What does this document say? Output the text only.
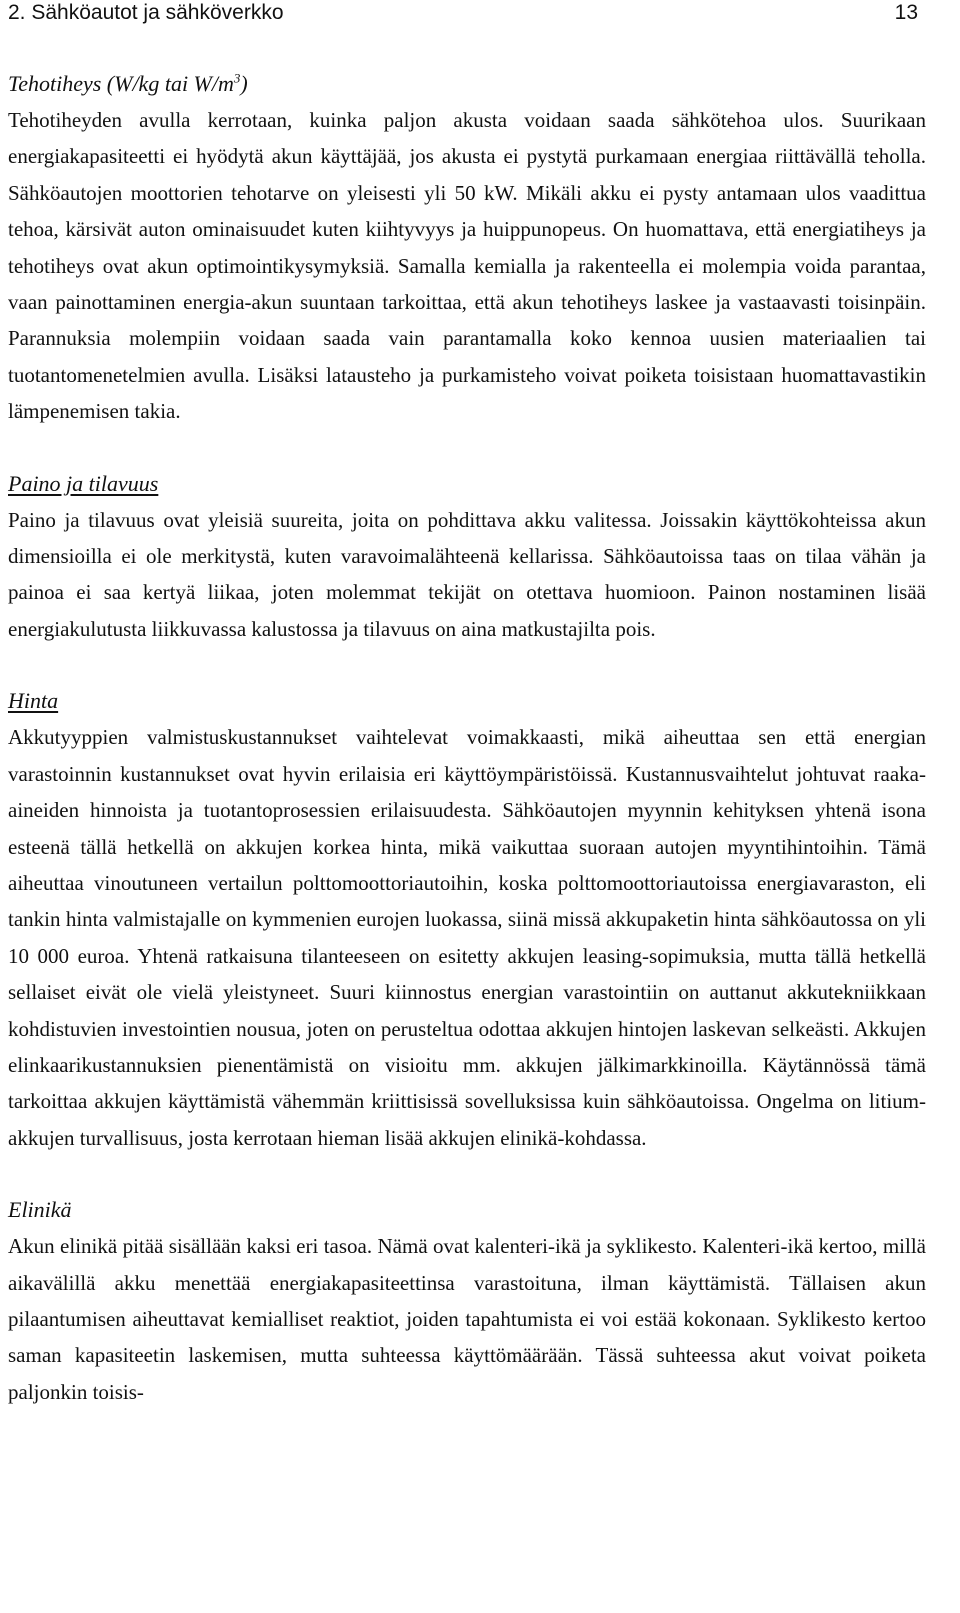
2. Sähköautot ja sähköverkko	13
Tehotiheys (W/kg tai $W/m^3$)

Tehotiheyden avulla kerrotaan, kuinka paljon akusta voidaan saada sähkötehoa ulos. Suurikaan energiakapasiteetti ei hyödytä akun käyttäjää, jos akusta ei pystytä purkamaan energiaa riittävällä teholla. Sähköautojen moottorien tehotarve on yleisesti yli 50 kW. Mikäli akku ei pysty antamaan ulos vaadittua tehoa, kärsivät auton ominaisuudet kuten kiihtyvyys ja huippunopeus. On huomattava, että energiatiheys ja tehotiheys ovat akun optimointikysymyksiä. Samalla kemialla ja rakenteella ei molempia voida parantaa, vaan painottaminen energia-akun suuntaan tarkoittaa, että akun tehotiheys laskee ja vastaavasti toisinpäin. Parannuksia molempiin voidaan saada vain parantamalla koko kennoa uusien materiaalien tai tuotantomenetelmien avulla. Lisäksi latausteho ja purkamisteho voivat poiketa toisistaan huomattavastikin lämpenemisen takia.

Paino ja tilavuus

Paino ja tilavuus ovat yleisiä suureita, joita on pohdittava akku valitessa. Joissakin käyttökohteissa akun dimensioilla ei ole merkitystä, kuten varavoimalähteenä kellarissa. Sähköautoissa taas on tilaa vähän ja painoa ei saa kertyä liikaa, joten molemmat tekijät on otettava huomioon. Painon nostaminen lisää energiakulutusta liikkuvassa kalustossa ja tilavuus on aina matkustajilta pois.

Hinta

Akkutyyppien valmistuskustannukset vaihtelevat voimakkaasti, mikä aiheuttaa sen että energian varastoinnin kustannukset ovat hyvin erilaisia eri käyttöympäristöissä. Kustannusvaihtelut johtuvat raaka-aineiden hinnoista ja tuotantoprosessien erilaisuudesta. Sähköautojen myynnin kehityksen yhtenä isona esteenä tällä hetkellä on akkujen korkea hinta, mikä vaikuttaa suoraan autojen myyntihintoihin. Tämä aiheuttaa vinoutuneen vertailun polttomoottoriautoihin, koska polttomoottoriautoissa energiavaraston, eli tankin hinta valmistajalle on kymmenien eurojen luokassa, siinä missä akkupaketin hinta sähköautossa on yli 10 000 euroa. Yhtenä ratkaisuna tilanteeseen on esitetty akkujen leasing-sopimuksia, mutta tällä hetkellä sellaiset eivät ole vielä yleistyneet. Suuri kiinnostus energian varastointiin on auttanut akkutekniikkaan kohdistuvien investointien nousua, joten on perusteltua odottaa akkujen hintojen laskevan selkeästi. Akkujen elinkaarikustannuksien pienentämistä on visioitu mm. akkujen jälkimarkkinoilla. Käytännössä tämä tarkoittaa akkujen käyttämistä vähemmän kriittisissä sovelluksissa kuin sähköautoissa. Ongelma on litium-akkujen turvallisuus, josta kerrotaan hieman lisää akkujen elinikä-kohdassa.

Elinikä

Akun elinikä pitää sisällään kaksi eri tasoa. Nämä ovat kalenteri-ikä ja syklikesto. Kalenteri-ikä kertoo, millä aikavälillä akku menettää energiakapasiteettinsa varastoituna, ilman käyttämistä. Tällaisen akun pilaantumisen aiheuttavat kemialliset reaktiot, joiden tapahtumista ei voi estää kokonaan. Syklikesto kertoo saman kapasiteetin laskemisen, mutta suhteessa käyttömäärään. Tässä suhteessa akut voivat poiketa paljonkin toisis-
